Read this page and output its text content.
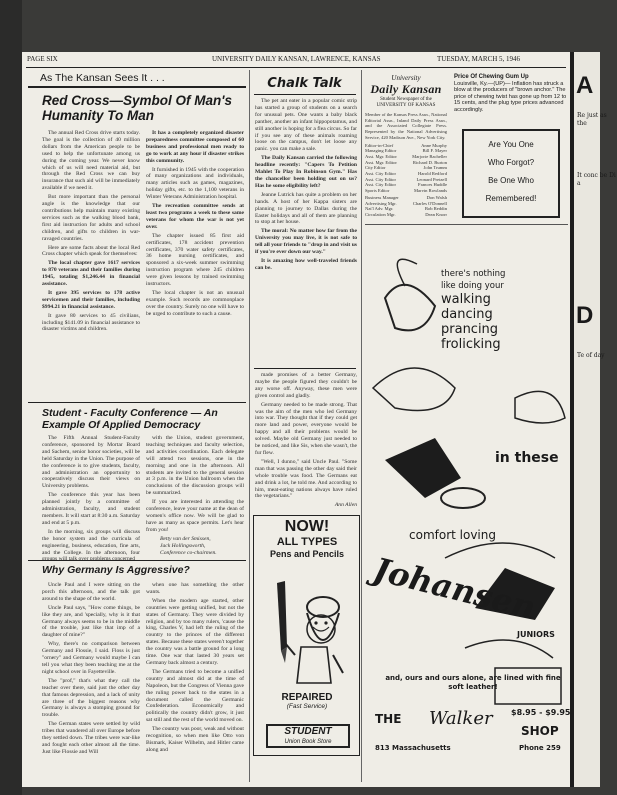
PAGE SIX	UNIVERSITY DAILY KANSAN, LAWRENCE, KANSAS	TUESDAY, MARCH 5, 1946
As The Kansan Sees It . . .
Red Cross—Symbol Of Man's Humanity To Man

The annual Red Cross drive starts today. The goal is the collection of 40 million dollars from the American people to be used to help the unfortunate among us during the coming year. We never know which of us will need material aid, but through the Red Cross we can buy insurance that such aid will be immediately available if we need it.

But more important than the personal angle is the knowledge that our contributions help maintain many existing services such as the walking blood bank, first aid instruction for adults and school children, and gifts to children in war-ravaged countries.

Here are some facts about the local Red Cross chapter which speak for themselves:

The local chapter gave 1617 services to 870 veterans and their families during 1945, totaling $1,246.44 in financial assistance.

It gave 395 services to 178 active servicemen and their families, including $994.21 in financial assistance.

It gave 80 services to 45 civilians, including $141.09 in financial assistance to disaster victims and children.

It has a completely organized disaster preparedness committee composed of 60 business and professional men ready to go to work at any hour if disaster strikes this community.

It furnished in 1945 with the cooperation of many organizations and individuals, many articles such as games, magazines, holiday gifts, etc. to the 1,100 veterans in Winter Veterans Administration hospital.

The recreation committee sends at least two programs a week to these same veterans for whom the war is not yet over.

The chapter issued 85 first aid certificates, 178 accident prevention certificates, 370 water safety certificates, 36 home nursing certificates, and sponsored a six-week summer swimming instruction program where 245 children were given lessons by trained swimming instructors.

The local chapter is not an unusual example. Such records are commonplace over the country. Surely no one will have to be urged to contribute to such a cause.

Student - Faculty Conference — An Example Of Applied Democracy

The Fifth Annual Student-Faculty conference, sponsored by Mortar Board and Sachem, senior honor societies, will be held Saturday in the Union. The purpose of the conference is to give students, faculty, and administration an opportunity to cooperatively discuss their views on University problems.

The conference this year has been planned jointly by a committee of administration, faculty, and student members. It will start at 8:30 a.m. Saturday and end at 5 p.m.

In the morning, six groups will discuss the honor system and the curricula of engineering, business, education, fine arts, and the College. In the afternoon, four

with the Union, student government, teaching techniques and faculty selection, and activities coordination. Each delegate will attend two sessions, one in the morning and one in the afternoon. All students are invited to the general session at 3 p.m. in the Union ballroom when the conclusions of the discussion groups will be summarized.

If you are interested in attending the conference, leave your name at the dean of women's office now. We will be glad to have as many as space permits. Let's hear from you!

Betty van der Smissen,
Jack Hollingsworth,
Conference co-chairmen.
Why Germany Is Aggressive?

Uncle Paul and I were sitting on the porch this afternoon, and the talk got around to the shape of the world.

Uncle Paul says, "How come things, be like they are, and 'specially, why is it that Germany always seems to be in the middle of the trouble, just like that imp of a daughter of mine?"

Why, there's no comparison between Germany and Flossie, I said. Floss is just "ornery" and Germany would maybe I can tell you what they been teaching me at the night school over in Fayetteville.

The "prof," that's what they call the teacher over there, said just the other day that famous depression, and a lack of unity are three of the biggest reasons why Germany is always a stomping ground for trouble.

The German states were settled by wild tribes that wandered all over Europe before they settled down. The tribes were war-like and fought each other almost all the time. Just like Flossie and Will

when one has something the other wants.

When the modern age started, other countries were getting unified, but not the states of Germany. They were divided by religion, and by too many rulers, 'cause the king, Charles V, had left the ruling of the country to the princes of the different states. Because these states weren't together the country was a battle ground for a long time. One war that lasted 30 years set Germany back almost a century.

The Germans tried to become a unified country and almost did at the time of Napoleon, but the Congress of Vienna gave the ruling power back to the states in a document called the Germanic Confederation. Economically and politically the country didn't grow, it just sat still and the rest of the world moved on.

The country was poor, weak and without recognition, so when men like Otto von Bismark, Kaiser Wilhelm, and Hitler came along and

Chalk Talk

The pet ant eater in a popular comic strip has started a group of students on a search for unusual pets. One wants a baby black panther, another an infant hippopotamus, and still another is hoping for a flea circus. So far if you see any of these animals roaming loose on the campus, don't let loose any panic. you can make a sale.

The Daily Kansan carried the following headline recently: "Capers To Petition Mahlet To Play In Robinson Gym." Has the chancellor been holding out on us? Has he some eligibility left?

Jeanne Lutrick has quite a problem on her hands. A host of her Kappa sisters are planning to journey to Dallas during the Easter holidays and all of them are planning to stop at her house.

The moral: No matter how far from the University you may live, it is not safe to tell all your friends to "drop in and visit us if you're ever down our way."

It is amazing how well-traveled friends can be.

made promises of a better Germany, maybe the people figured they couldn't be any worse off. Anyway, these men were given control and gladly.

Germany needed to be made strong. That was the aim of the men who led Germany into war. They thought that if they could get more land and power, everyone would be happy and all their problems would be solved. Maybe old Germany just needed to be noticed, and like Sis, when she wasn't, the fur flew.

"Well, I dunno," said Uncle Paul. "Some man that was passing the other day said their whole trouble was food. The Germans eat and drink a lot, he told me. And according to him, meat-eating nations always have ruled the vegetarians."

Ann Allen
NOW!
ALL TYPES
Pens and Pencils
REPAIRED
(Fast Service)
STUDENT
Union Book Store
University
Daily Kansan
Student Newspaper of the
UNIVERSITY OF KANSAS
Member of the Kansas Press Assn., National Editorial Assn., Inland Daily Press Assn., and the Associated Collegiate Press. Represented by the National Advertising Service, 420 Madison Ave., New York City.
Editor-in-Chief	Anne Murphy
Managing Editor	Bill F. Mayer
Asst. Mgr. Editor	Marjorie Bacheller
Asst. Mgr. Editor	Richard D. Burton
City Editor	John Trumm
Asst. City Editor	Harold Redford
Asst. City Editor	Leonard Pretzell
Asst. City Editor	Frances Huddle
Sports Editor	Marvin Rowlands
Business Manager	Don Walsh
Advertising Mgr.	Charles O'Donnell
Nat'l Adv. Mgr.	Bob Reddin
Circulation Mgr.	Dean Knorr
Price Of Chewing Gum Up
Louisville, Ky.—(UP)— Inflation has struck a blow at the producers of "brown anchor." The price of chewing twist has gone up from 12 to 15 cents, and the plug type prices advanced accordingly.
Are You One
Who Forgot?
Be One Who
Remembered!
there's nothing
like doing your
walking
dancing
prancing
frolicking
in these
comfort loving
Johansen
JUNIORS
and, ours and ours alone, are lined with fine soft leather!
$8.95 - $9.95
THE Walker
SHOP
813 Massachusetts	Phone 259
A
D
Re just as the
It conc be Di a
Te of day
